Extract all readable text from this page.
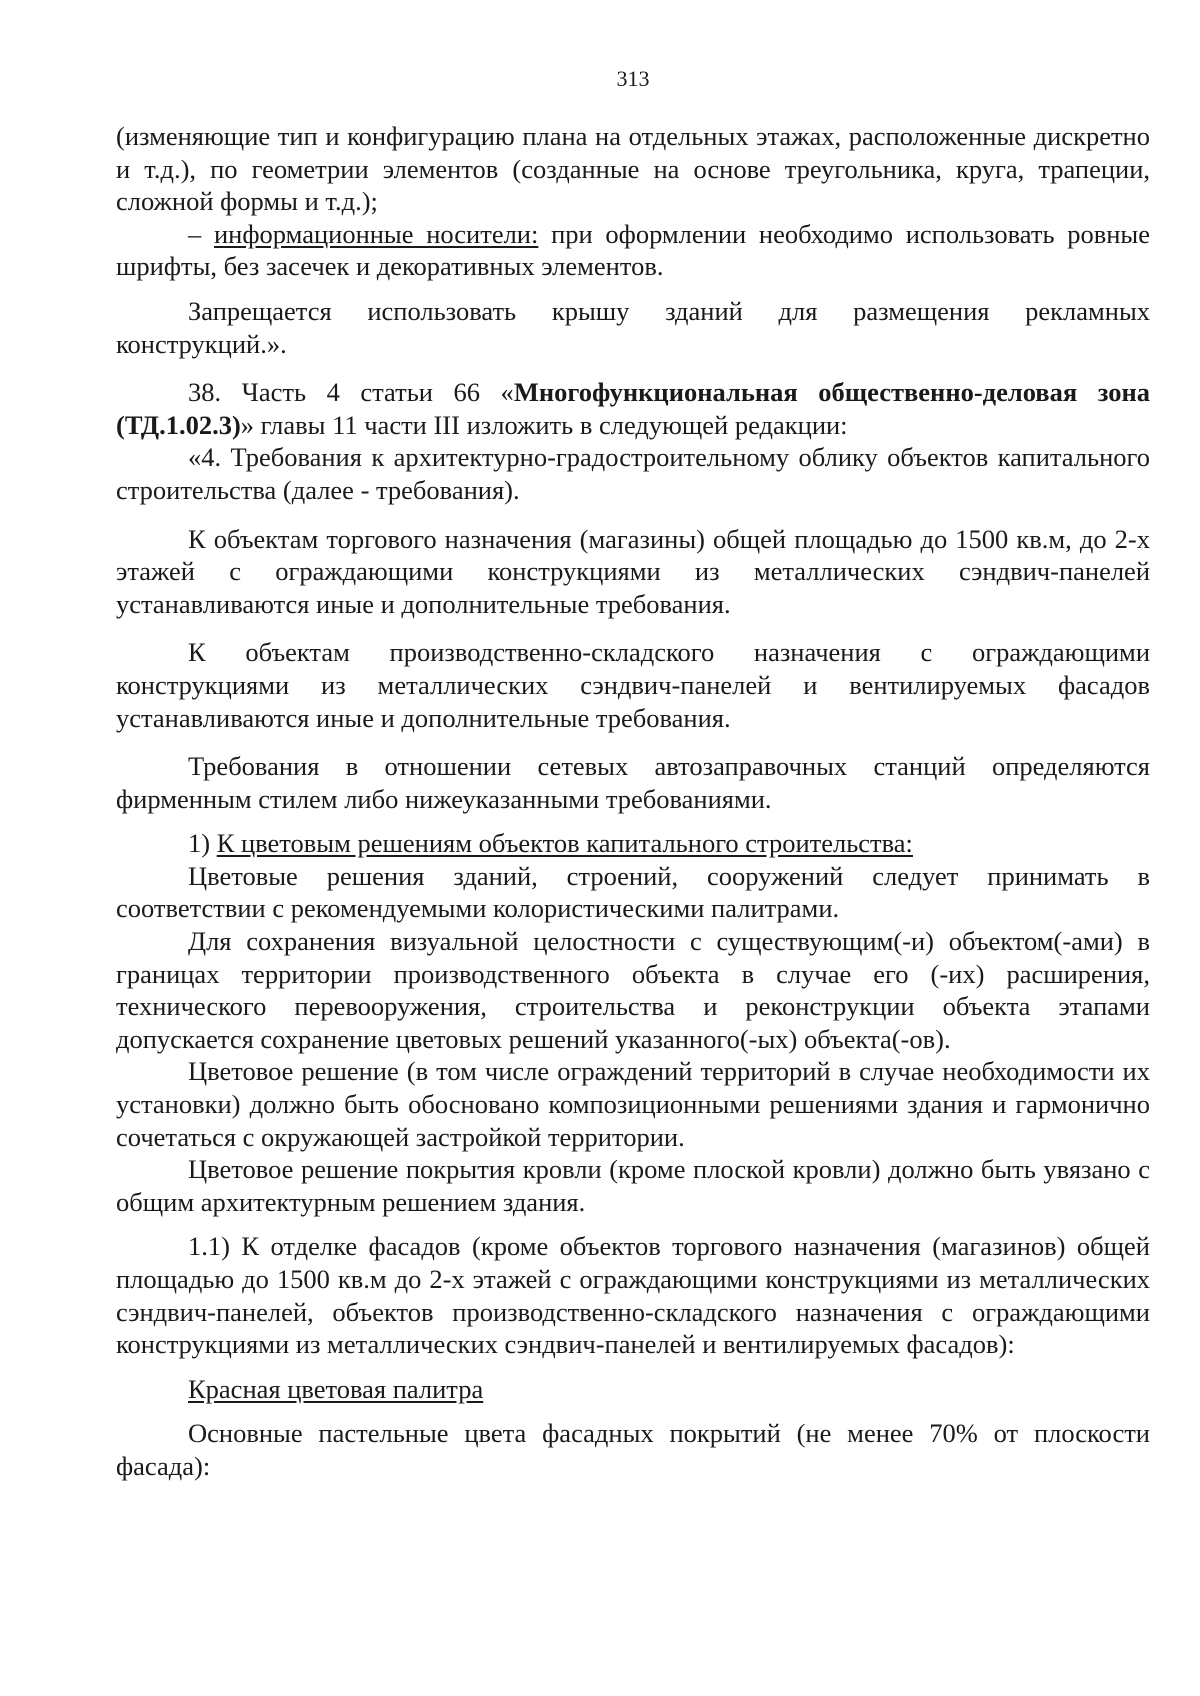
313

(изменяющие тип и конфигурацию плана на отдельных этажах, расположенные дискретно и т.д.), по геометрии элементов (созданные на основе треугольника, круга, трапеции, сложной формы и т.д.);

– информационные носители: при оформлении необходимо использовать ровные шрифты, без засечек и декоративных элементов.

Запрещается использовать крышу зданий для размещения рекламных конструкций.».

38. Часть 4 статьи 66 «Многофункциональная общественно-деловая зона (ТД.1.02.3)» главы 11 части III изложить в следующей редакции:

«4. Требования к архитектурно-градостроительному облику объектов капитального строительства (далее - требования).

К объектам торгового назначения (магазины) общей площадью до 1500 кв.м, до 2-х этажей с ограждающими конструкциями из металлических сэндвич-панелей устанавливаются иные и дополнительные требования.

К объектам производственно-складского назначения с ограждающими конструкциями из металлических сэндвич-панелей и вентилируемых фасадов устанавливаются иные и дополнительные требования.

Требования в отношении сетевых автозаправочных станций определяются фирменным стилем либо нижеуказанными требованиями.

1) К цветовым решениям объектов капитального строительства:

Цветовые решения зданий, строений, сооружений следует принимать в соответствии с рекомендуемыми колористическими палитрами.

Для сохранения визуальной целостности с существующим(-и) объектом(-ами) в границах территории производственного объекта в случае его (-их) расширения, технического перевооружения, строительства и реконструкции объекта этапами допускается сохранение цветовых решений указанного(-ых) объекта(-ов).

Цветовое решение (в том числе ограждений территорий в случае необходимости их установки) должно быть обосновано композиционными решениями здания и гармонично сочетаться с окружающей застройкой территории.

Цветовое решение покрытия кровли (кроме плоской кровли) должно быть увязано с общим архитектурным решением здания.

1.1) К отделке фасадов (кроме объектов торгового назначения (магазинов) общей площадью до 1500 кв.м до 2-х этажей с ограждающими конструкциями из металлических сэндвич-панелей, объектов производственно-складского назначения с ограждающими конструкциями из металлических сэндвич-панелей и вентилируемых фасадов):

Красная цветовая палитра

Основные пастельные цвета фасадных покрытий (не менее 70% от плоскости фасада):
